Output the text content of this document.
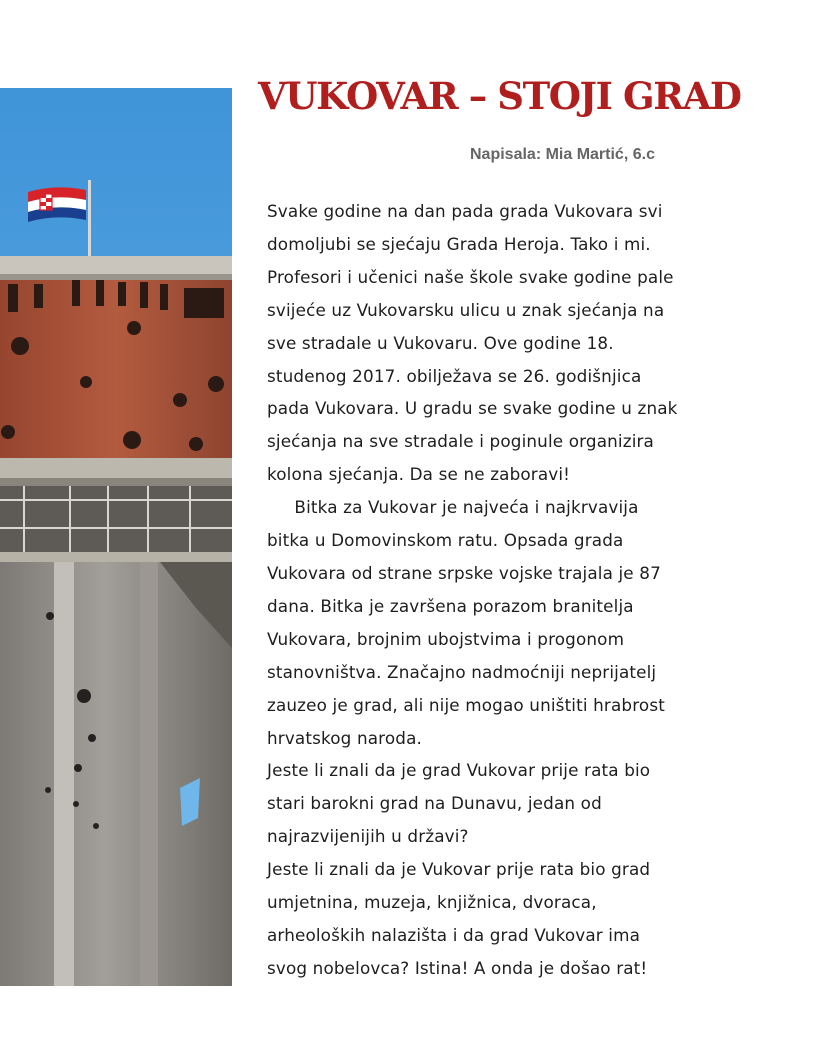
VUKOVAR – STOJI GRAD

Napisala: Mia Martić, 6.c

Svake godine na dan pada grada Vukovara svi
domoljubi se sjećaju Grada Heroja. Tako i mi.
Profesori i učenici naše škole svake godine pale
svijeće uz Vukovarsku ulicu u znak sjećanja na
sve stradale u Vukovaru. Ove godine 18.
studenog 2017. obilježava se 26. godišnjica
pada Vukovara. U gradu se svake godine u znak
sjećanja na sve stradale i poginule organizira
kolona sjećanja. Da se ne zaboravi!
Bitka za Vukovar je najveća i najkrvavija
bitka u Domovinskom ratu. Opsada grada
Vukovara od strane srpske vojske trajala je 87
dana. Bitka je završena porazom branitelja
Vukovara, brojnim ubojstvima i progonom
stanovništva. Značajno nadmoćniji neprijatelj
zauzeo je grad, ali nije mogao uništiti hrabrost
hrvatskog naroda.
Jeste li znali da je grad Vukovar prije rata bio
stari barokni grad na Dunavu, jedan od
najrazvijenijih u državi?
Jeste li znali da je Vukovar prije rata bio grad
umjetnina, muzeja, knjižnica, dvoraca,
arheoloških nalazišta i da grad Vukovar ima
svog nobelovca? Istina! A onda je došao rat!
